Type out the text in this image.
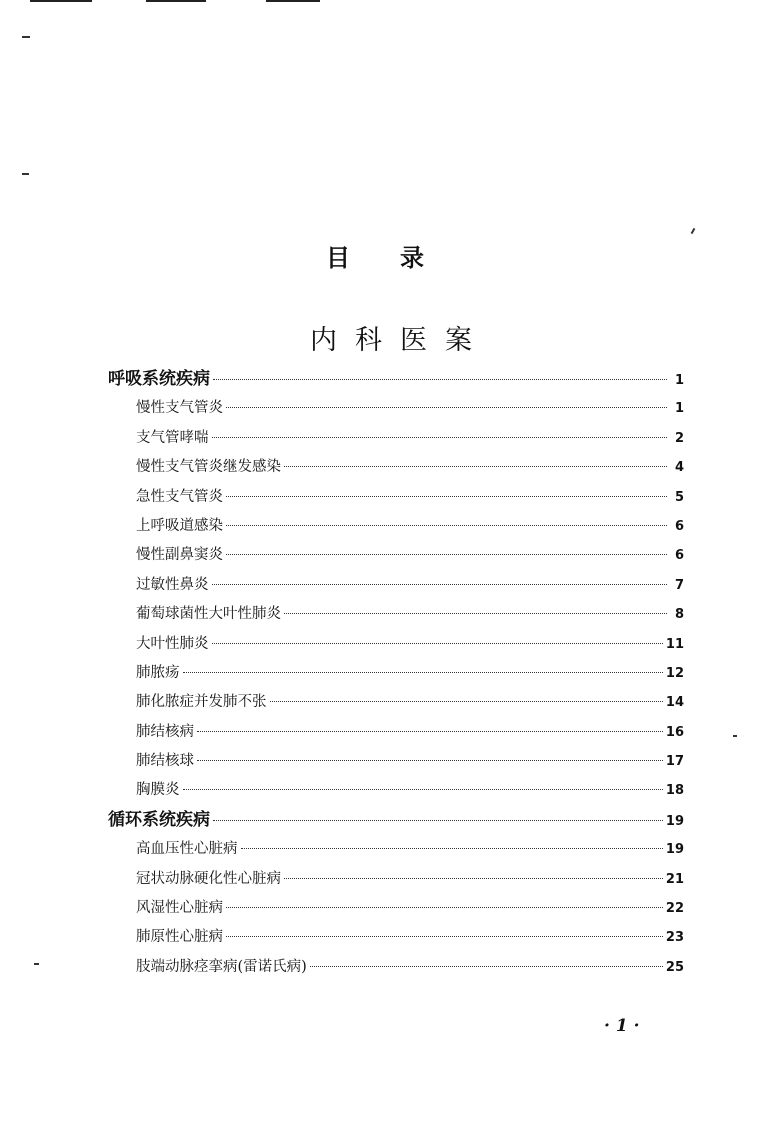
目录
内科医案
呼吸系统疾病	1
慢性支气管炎	1
支气管哮喘	2
慢性支气管炎继发感染	4
急性支气管炎	5
上呼吸道感染	6
慢性副鼻窦炎	6
过敏性鼻炎	7
葡萄球菌性大叶性肺炎	8
大叶性肺炎	11
肺脓疡	12
肺化脓症并发肺不张	14
肺结核病	16
肺结核球	17
胸膜炎	18
循环系统疾病	19
高血压性心脏病	19
冠状动脉硬化性心脏病	21
风湿性心脏病	22
肺原性心脏病	23
肢端动脉痉挛病(雷诺氏病)	25
· 1 ·
